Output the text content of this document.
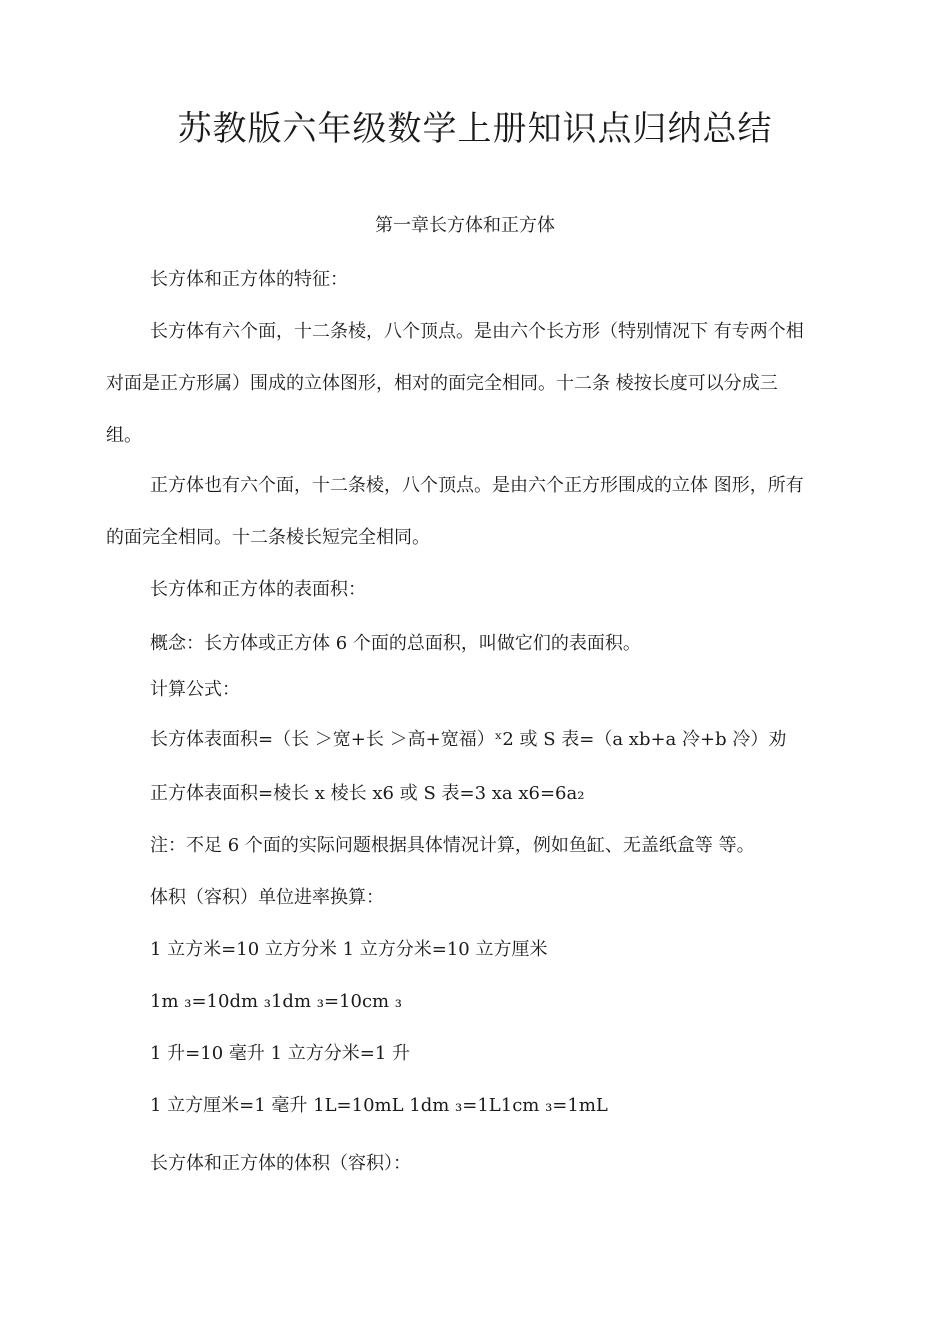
苏教版六年级数学上册知识点归纳总结
第一章长方体和正方体

长方体和正方体的特征：

长方体有六个面，十二条棱，八个顶点。是由六个长方形（特别情况下 有专两个相
对面是正方形属）围成的立体图形，相对的面完全相同。十二条 棱按长度可以分成三
组。
正方体也有六个面，十二条棱，八个顶点。是由六个正方形围成的立体 图形，所有
的面完全相同。十二条棱长短完全相同。

长方体和正方体的表面积：

概念：长方体或正方体 6 个面的总面积，叫做它们的表面积。

计算公式：

长方体表面积=（长 ＞宽+长 ＞高+宽福）ˣ2 或 S 表=（a xb+a 冷+b 冷）劝

正方体表面积=棱长 x 棱长 x6 或 S 表=3 xa x6=6a₂

注：不足 6 个面的实际问题根据具体情况计算，例如鱼缸、无盖纸盒等 等。

体积（容积）单位进率换算：

1 立方米=10 立方分米 1 立方分米=10 立方厘米

1m ₃=10dm ₃1dm ₃=10cm ₃

1 升=10 毫升 1 立方分米=1 升

1 立方厘米=1 毫升 1L=10mL 1dm ₃=1L1cm ₃=1mL

长方体和正方体的体积（容积）：
